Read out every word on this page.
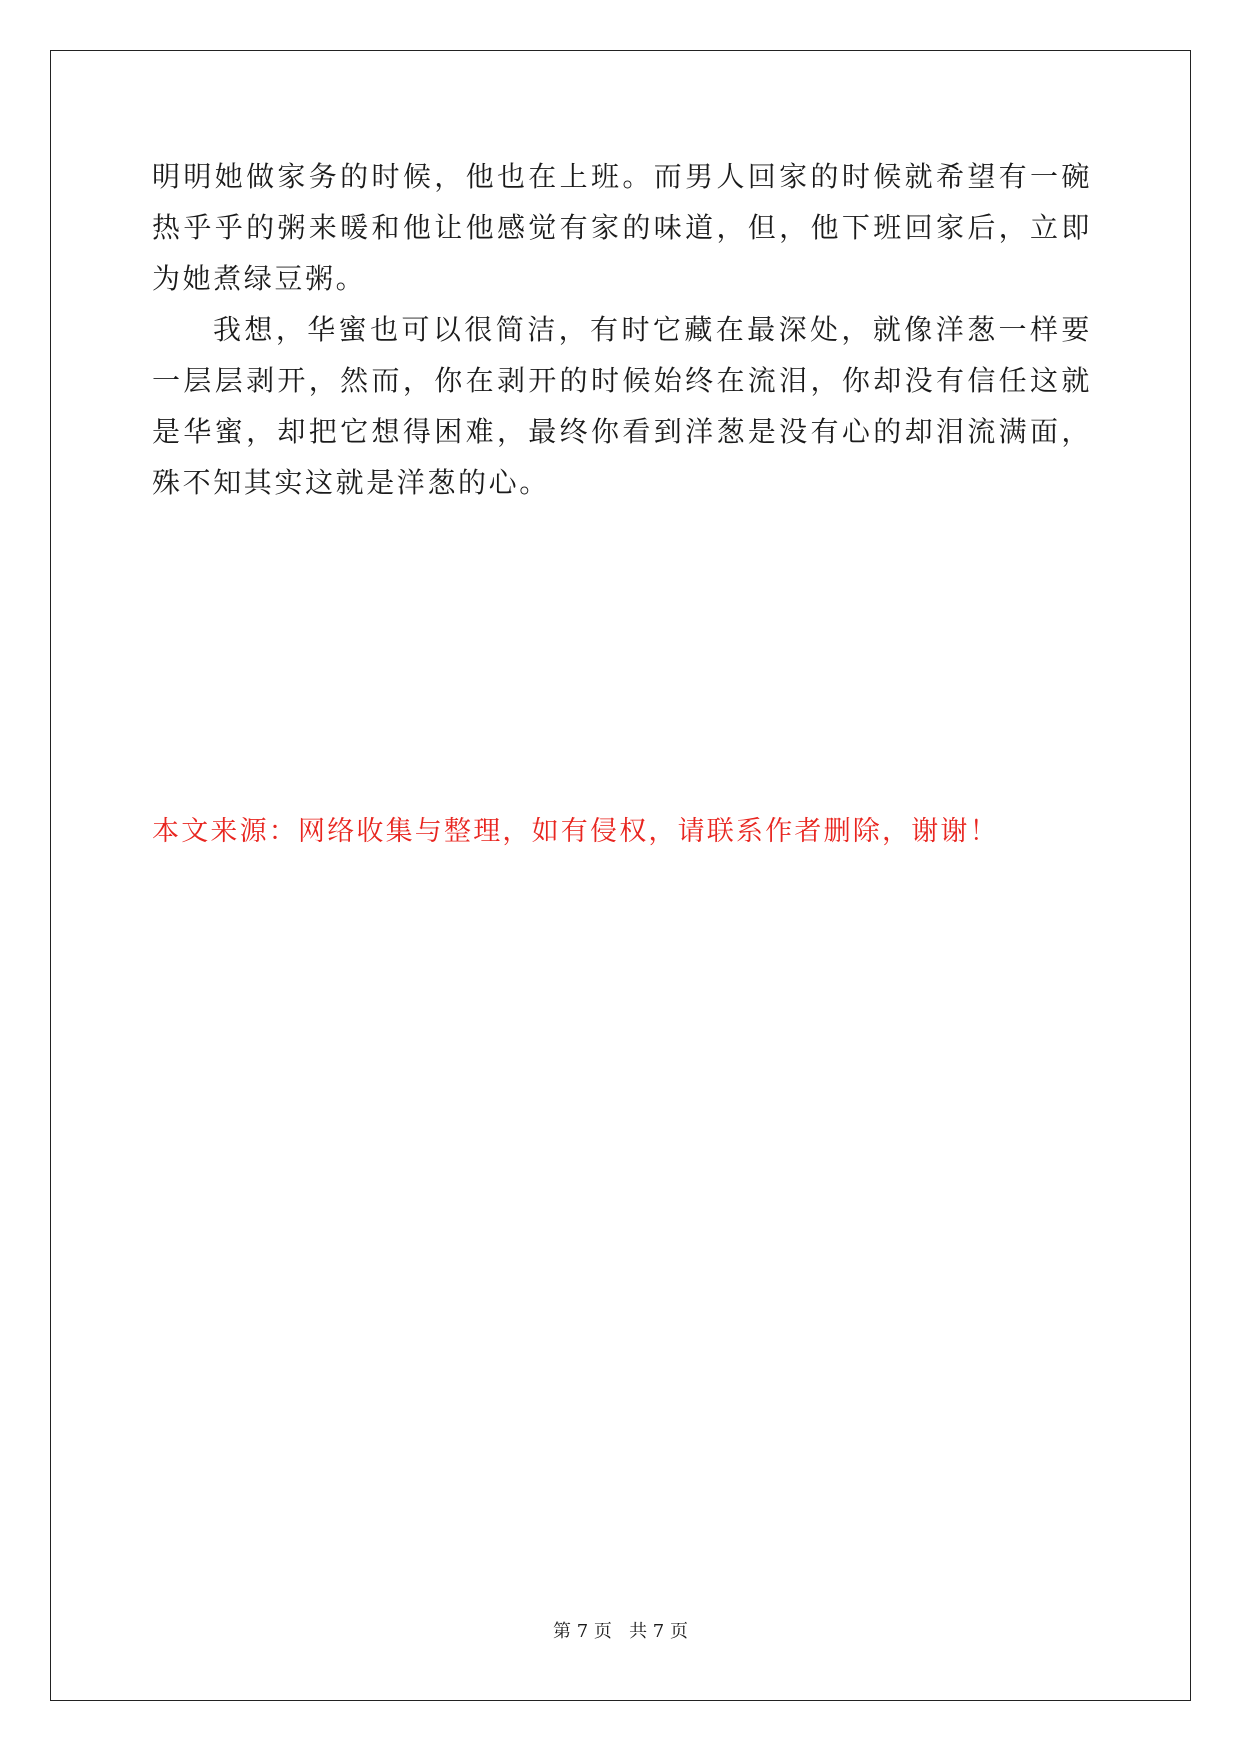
明明她做家务的时候，他也在上班。而男人回家的时候就希望有一碗热乎乎的粥来暖和他让他感觉有家的味道，但，他下班回家后，立即为她煮绿豆粥。

我想，华蜜也可以很简洁，有时它藏在最深处，就像洋葱一样要一层层剥开，然而，你在剥开的时候始终在流泪，你却没有信任这就是华蜜，却把它想得困难，最终你看到洋葱是没有心的却泪流满面，殊不知其实这就是洋葱的心。

本文来源：网络收集与整理，如有侵权，请联系作者删除，谢谢！
第 7 页   共 7 页
